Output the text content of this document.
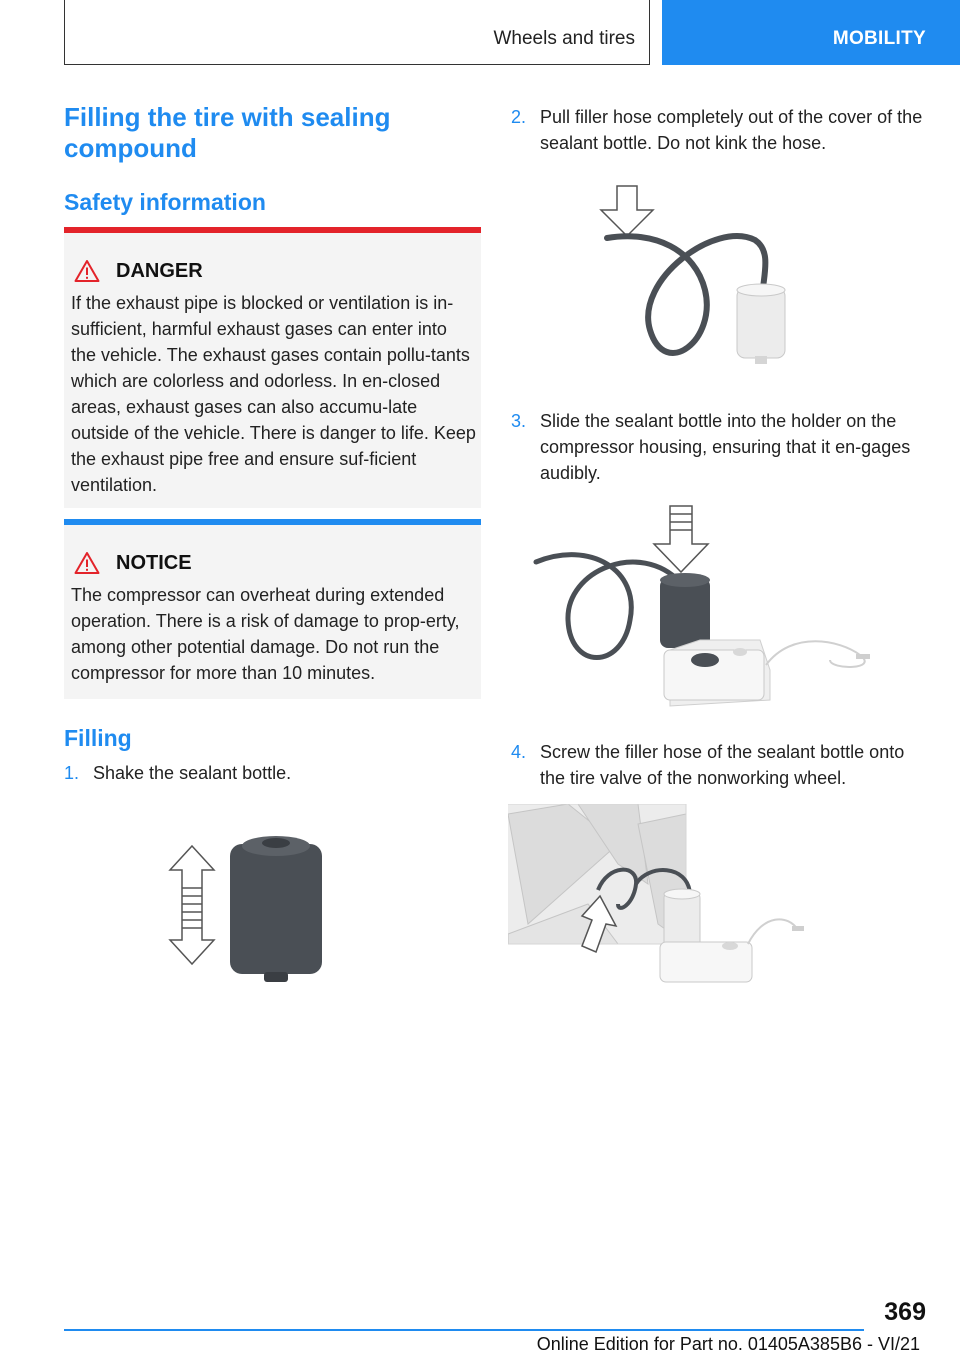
Wheels and tires	MOBILITY
Filling the tire with sealing compound
Safety information
DANGER
If the exhaust pipe is blocked or ventilation is in-sufficient, harmful exhaust gases can enter into the vehicle. The exhaust gases contain pollu-tants which are colorless and odorless. In en-closed areas, exhaust gases can also accumu-late outside of the vehicle. There is danger to life. Keep the exhaust pipe free and ensure suf-ficient ventilation.
NOTICE
The compressor can overheat during extended operation. There is a risk of damage to prop-erty, among other potential damage. Do not run the compressor for more than 10 minutes.
Filling
1. Shake the sealant bottle.
2. Pull filler hose completely out of the cover of the sealant bottle. Do not kink the hose.
3. Slide the sealant bottle into the holder on the compressor housing, ensuring that it en-gages audibly.
4. Screw the filler hose of the sealant bottle onto the tire valve of the nonworking wheel.
369
Online Edition for Part no. 01405A385B6 - VI/21
